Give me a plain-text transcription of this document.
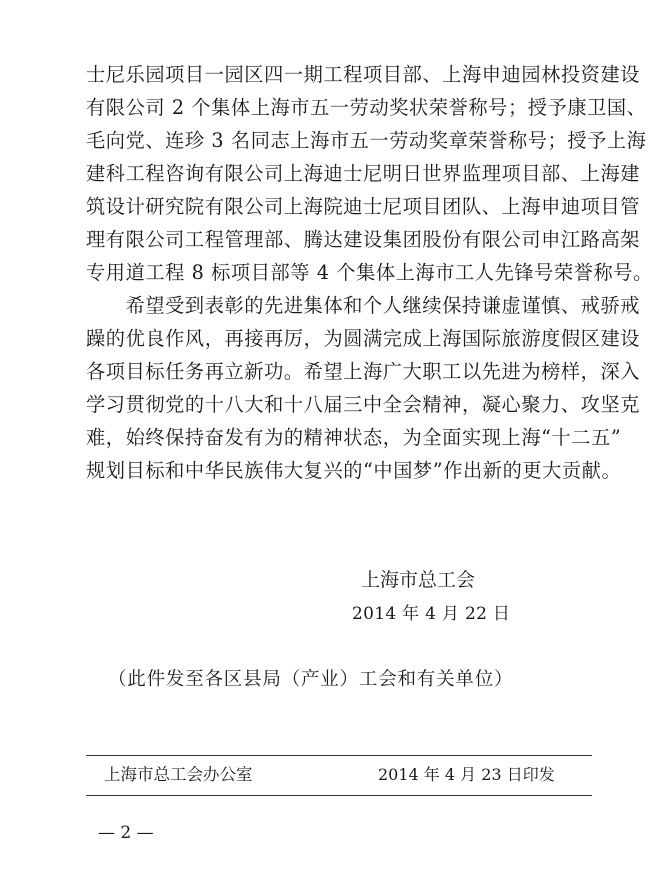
士尼乐园项目一园区四一期工程项目部、上海申迪园林投资建设
有限公司 2 个集体上海市五一劳动奖状荣誉称号；授予康卫国、
毛向党、连珍 3 名同志上海市五一劳动奖章荣誉称号；授予上海
建科工程咨询有限公司上海迪士尼明日世界监理项目部、上海建
筑设计研究院有限公司上海院迪士尼项目团队、上海申迪项目管
理有限公司工程管理部、腾达建设集团股份有限公司申江路高架
专用道工程 8 标项目部等 4 个集体上海市工人先锋号荣誉称号。
　　希望受到表彰的先进集体和个人继续保持谦虚谨慎、戒骄戒
躁的优良作风，再接再厉，为圆满完成上海国际旅游度假区建设
各项目标任务再立新功。希望上海广大职工以先进为榜样，深入
学习贯彻党的十八大和十八届三中全会精神，凝心聚力、攻坚克
难，始终保持奋发有为的精神状态，为全面实现上海“十二五”
规划目标和中华民族伟大复兴的“中国梦”作出新的更大贡献。
上海市总工会
2014 年 4 月 22 日
（此件发至各区县局（产业）工会和有关单位）
上海市总工会办公室	2014 年 4 月 23 日印发
— 2 —
